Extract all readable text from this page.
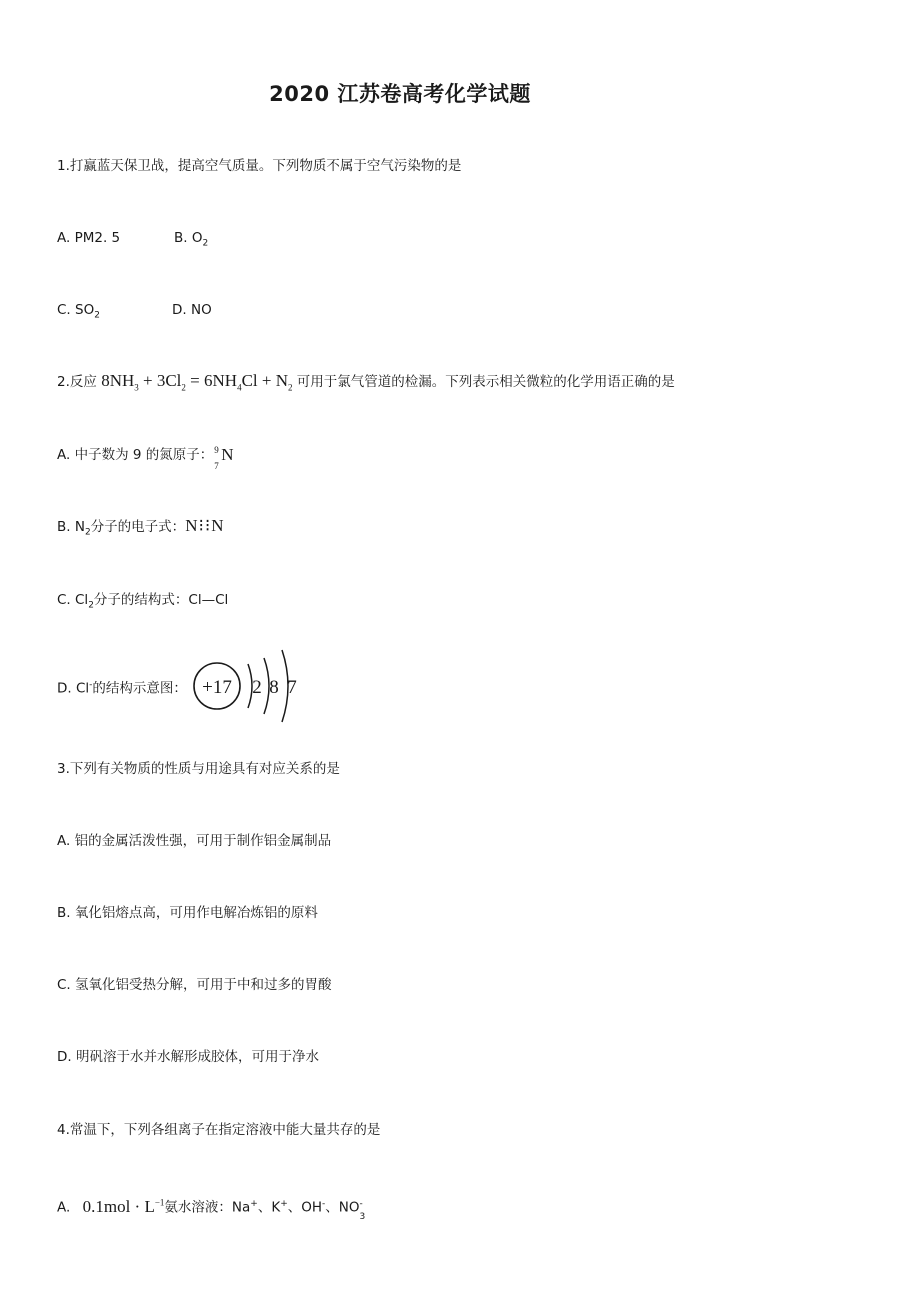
2020 江苏卷高考化学试题
1.打赢蓝天保卫战，提高空气质量。下列物质不属于空气污染物的是
A. PM2. 5	B. $O_2$
C. $SO_2$	D. NO
2.反应 $8NH_3 + 3Cl_2 = 6NH_4Cl + N_2$ 可用于氯气管道的检漏。下列表示相关微粒的化学用语正确的是
A. 中子数为 9 的氮原子： 9
7
N
B. $N_2$分子的电子式：N⁝⁝N
C. $Cl_2$分子的结构式：Cl—Cl
D. Cl-的结构示意图： +17 2 8 7
3.下列有关物质的性质与用途具有对应关系的是
A. 铝的金属活泼性强，可用于制作铝金属制品
B. 氧化铝熔点高，可用作电解冶炼铝的原料
C. 氢氧化铝受热分解，可用于中和过多的胃酸
D. 明矾溶于水并水解形成胶体，可用于净水
4.常温下，下列各组离子在指定溶液中能大量共存的是
A. $0.1mol \cdot L^{-1}$氨水溶液：Na+、K+、OH-、NO -
3
